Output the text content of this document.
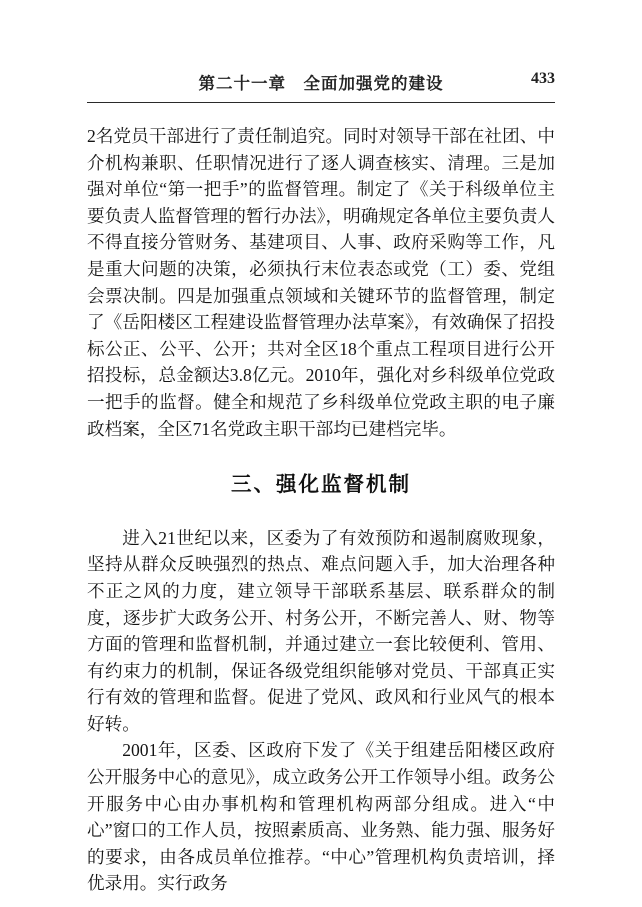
第二十一章　全面加强党的建设	433

2名党员干部进行了责任制追究。同时对领导干部在社团、中介机构兼职、任职情况进行了逐人调查核实、清理。三是加强对单位“第一把手”的监督管理。制定了《关于科级单位主要负责人监督管理的暂行办法》，明确规定各单位主要负责人不得直接分管财务、基建项目、人事、政府采购等工作，凡是重大问题的决策，必须执行末位表态或党（工）委、党组会票决制。四是加强重点领域和关键环节的监督管理，制定了《岳阳楼区工程建设监督管理办法草案》，有效确保了招投标公正、公平、公开；共对全区18个重点工程项目进行公开招投标，总金额达3.8亿元。2010年，强化对乡科级单位党政一把手的监督。健全和规范了乡科级单位党政主职的电子廉政档案，全区71名党政主职干部均已建档完毕。

三、强化监督机制

进入21世纪以来，区委为了有效预防和遏制腐败现象，坚持从群众反映强烈的热点、难点问题入手，加大治理各种不正之风的力度，建立领导干部联系基层、联系群众的制度，逐步扩大政务公开、村务公开，不断完善人、财、物等方面的管理和监督机制，并通过建立一套比较便利、管用、有约束力的机制，保证各级党组织能够对党员、干部真正实行有效的管理和监督。促进了党风、政风和行业风气的根本好转。

2001年，区委、区政府下发了《关于组建岳阳楼区政府公开服务中心的意见》，成立政务公开工作领导小组。政务公开服务中心由办事机构和管理机构两部分组成。进入“中心”窗口的工作人员，按照素质高、业务熟、能力强、服务好的要求，由各成员单位推荐。“中心”管理机构负责培训，择优录用。实行政务
